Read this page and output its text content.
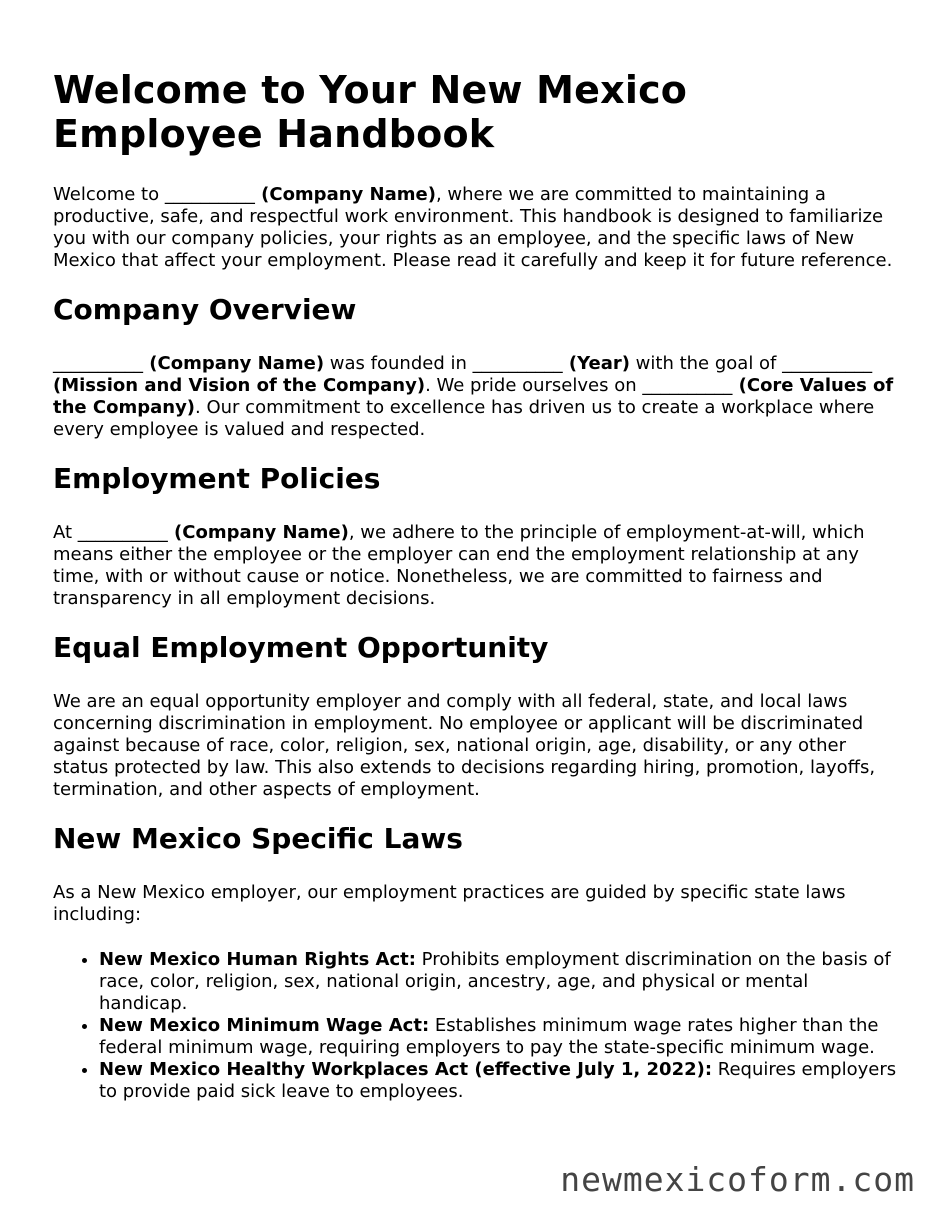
Welcome to Your New Mexico Employee Handbook

Welcome to __________ (Company Name), where we are committed to maintaining a productive, safe, and respectful work environment. This handbook is designed to familiarize you with our company policies, your rights as an employee, and the specific laws of New Mexico that affect your employment. Please read it carefully and keep it for future reference.

Company Overview

__________ (Company Name) was founded in __________ (Year) with the goal of __________ (Mission and Vision of the Company). We pride ourselves on __________ (Core Values of the Company). Our commitment to excellence has driven us to create a workplace where every employee is valued and respected.

Employment Policies

At __________ (Company Name), we adhere to the principle of employment-at-will, which means either the employee or the employer can end the employment relationship at any time, with or without cause or notice. Nonetheless, we are committed to fairness and transparency in all employment decisions.

Equal Employment Opportunity

We are an equal opportunity employer and comply with all federal, state, and local laws concerning discrimination in employment. No employee or applicant will be discriminated against because of race, color, religion, sex, national origin, age, disability, or any other status protected by law. This also extends to decisions regarding hiring, promotion, layoffs, termination, and other aspects of employment.

New Mexico Specific Laws

As a New Mexico employer, our employment practices are guided by specific state laws including:

• New Mexico Human Rights Act: Prohibits employment discrimination on the basis of race, color, religion, sex, national origin, ancestry, age, and physical or mental handicap.
• New Mexico Minimum Wage Act: Establishes minimum wage rates higher than the federal minimum wage, requiring employers to pay the state-specific minimum wage.
• New Mexico Healthy Workplaces Act (effective July 1, 2022): Requires employers to provide paid sick leave to employees.
newmexicoform.com
